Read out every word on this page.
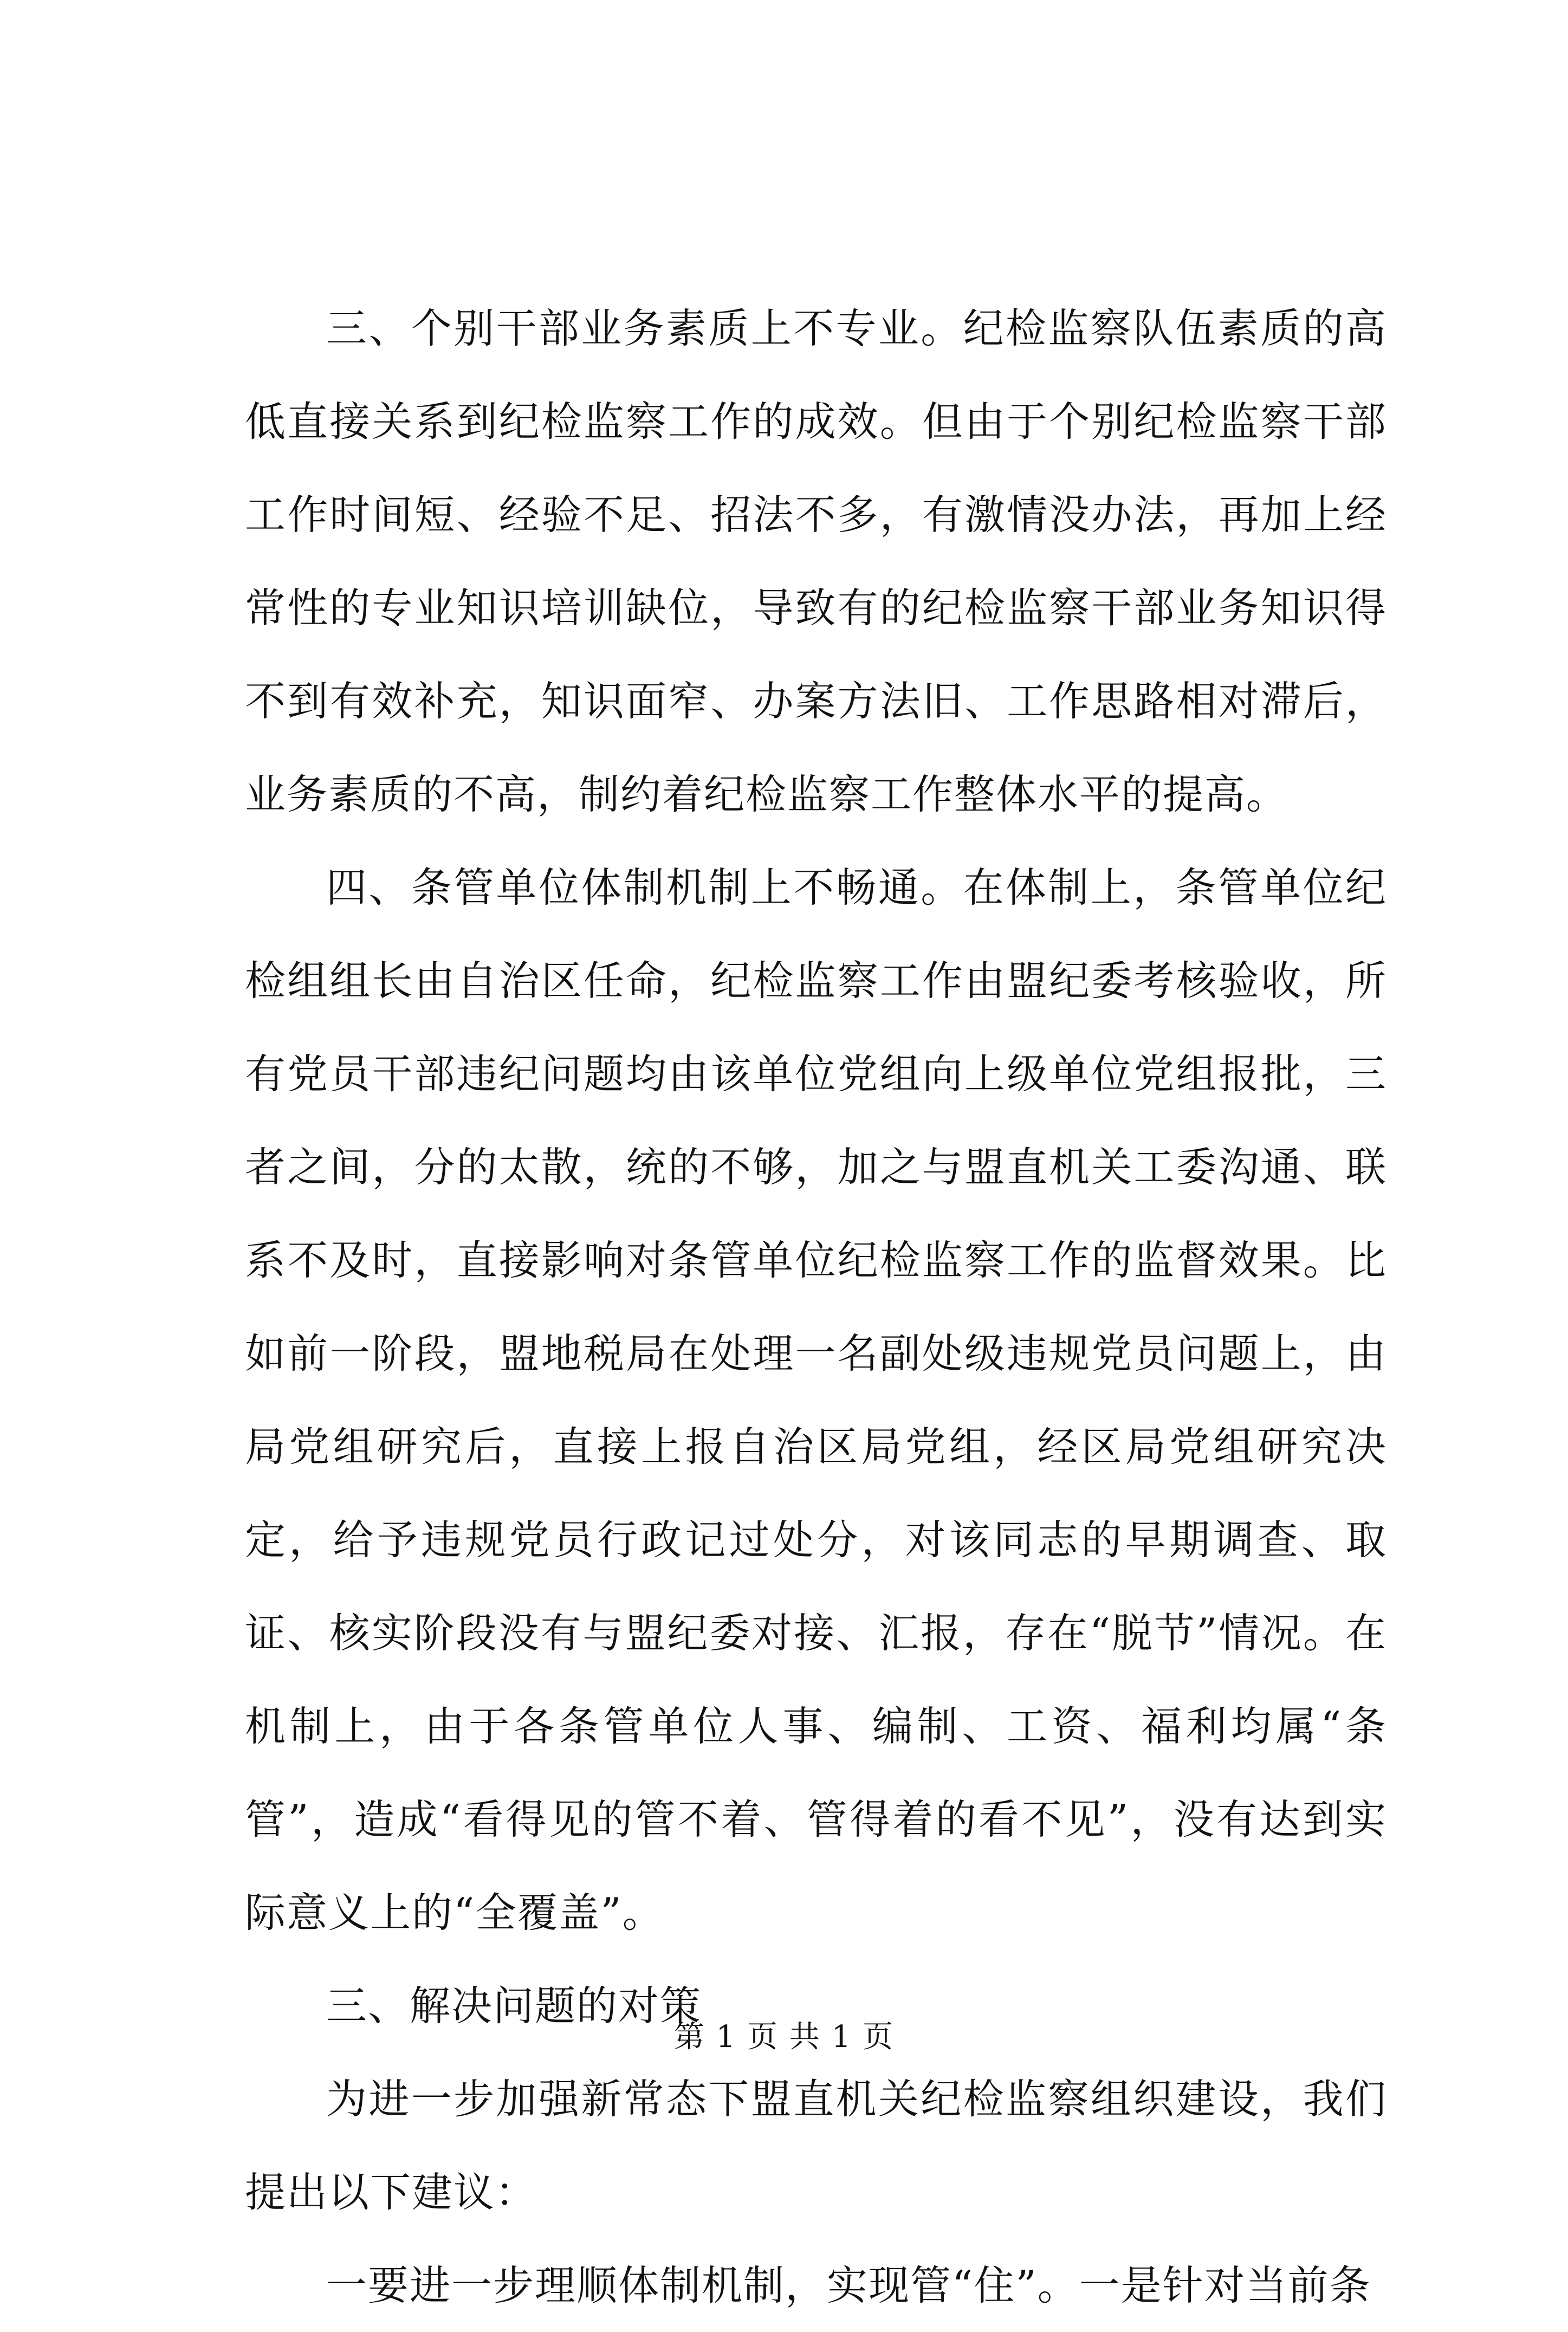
三、个别干部业务素质上不专业。纪检监察队伍素质的高低直接关系到纪检监察工作的成效。但由于个别纪检监察干部工作时间短、经验不足、招法不多，有激情没办法，再加上经常性的专业知识培训缺位，导致有的纪检监察干部业务知识得不到有效补充，知识面窄、办案方法旧、工作思路相对滞后，业务素质的不高，制约着纪检监察工作整体水平的提高。

四、条管单位体制机制上不畅通。在体制上，条管单位纪检组组长由自治区任命，纪检监察工作由盟纪委考核验收，所有党员干部违纪问题均由该单位党组向上级单位党组报批，三者之间，分的太散，统的不够，加之与盟直机关工委沟通、联系不及时，直接影响对条管单位纪检监察工作的监督效果。比如前一阶段，盟地税局在处理一名副处级违规党员问题上，由局党组研究后，直接上报自治区局党组，经区局党组研究决定，给予违规党员行政记过处分，对该同志的早期调查、取证、核实阶段没有与盟纪委对接、汇报，存在“脱节”情况。在机制上，由于各条管单位人事、编制、工资、福利均属“条管”，造成“看得见的管不着、管得着的看不见”，没有达到实际意义上的“全覆盖”。

三、解决问题的对策

为进一步加强新常态下盟直机关纪检监察组织建设，我们提出以下建议：

一要进一步理顺体制机制，实现管“住”。一是针对当前条

第 1 页 共 1 页
